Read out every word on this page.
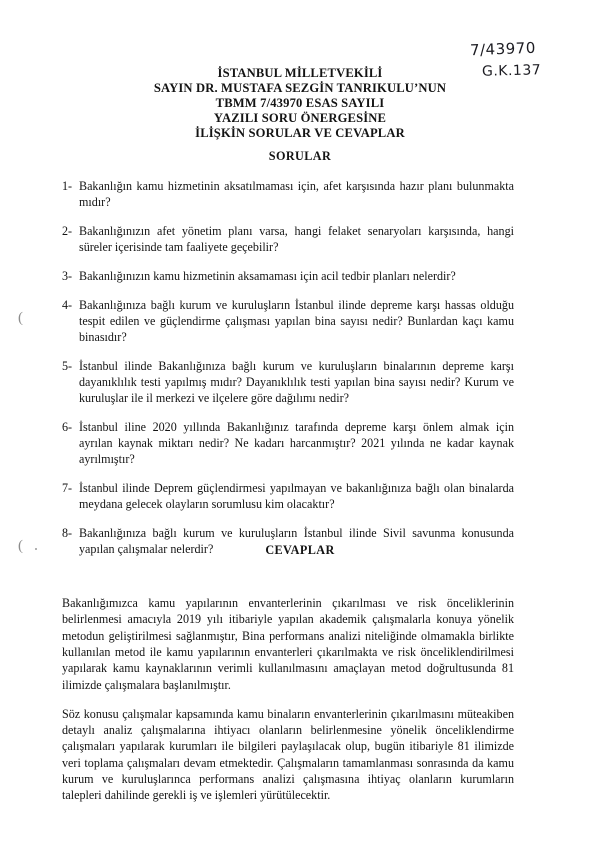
7/43970
G.K.137
(
(
İSTANBUL MİLLETVEKİLİ
SAYIN DR. MUSTAFA SEZGİN TANRIKULU’NUN
TBMM 7/43970 ESAS SAYILI
YAZILI SORU ÖNERGESİNE
İLİŞKİN SORULAR VE CEVAPLAR
SORULAR
1- Bakanlığın kamu hizmetinin aksatılmaması için, afet karşısında hazır planı bulunmakta mıdır?
2- Bakanlığınızın afet yönetim planı varsa, hangi felaket senaryoları karşısında, hangi süreler içerisinde tam faaliyete geçebilir?
3- Bakanlığınızın kamu hizmetinin aksamaması için acil tedbir planları nelerdir?
4- Bakanlığınıza bağlı kurum ve kuruluşların İstanbul ilinde depreme karşı hassas olduğu tespit edilen ve güçlendirme çalışması yapılan bina sayısı nedir? Bunlardan kaçı kamu binasıdır?
5- İstanbul ilinde Bakanlığınıza bağlı kurum ve kuruluşların binalarının depreme karşı dayanıklılık testi yapılmış mıdır? Dayanıklılık testi yapılan bina sayısı nedir? Kurum ve kuruluşlar ile il merkezi ve ilçelere göre dağılımı nedir?
6- İstanbul iline 2020 yıllında Bakanlığınız tarafında depreme karşı önlem almak için ayrılan kaynak miktarı nedir? Ne kadarı harcanmıştır? 2021 yılında ne kadar kaynak ayrılmıştır?
7- İstanbul ilinde Deprem güçlendirmesi yapılmayan ve bakanlığınıza bağlı olan binalarda meydana gelecek olayların sorumlusu kim olacaktır?
8- Bakanlığınıza bağlı kurum ve kuruluşların İstanbul ilinde Sivil savunma konusunda yapılan çalışmalar nelerdir?	CEVAPLAR

Bakanlığımızca kamu yapılarının envanterlerinin çıkarılması ve risk önceliklerinin belirlenmesi amacıyla 2019 yılı itibariyle yapılan akademik çalışmalarla konuya yönelik metodun geliştirilmesi sağlanmıştır, Bina performans analizi niteliğinde olmamakla birlikte kullanılan metod ile kamu yapılarının envanterleri çıkarılmakta ve risk önceliklendirilmesi yapılarak kamu kaynaklarının verimli kullanılmasını amaçlayan metod doğrultusunda 81 ilimizde çalışmalara başlanılmıştır.

Söz konusu çalışmalar kapsamında kamu binaların envanterlerinin çıkarılmasını müteakiben detaylı analiz çalışmalarına ihtiyacı olanların belirlenmesine yönelik önceliklendirme çalışmaları yapılarak kurumları ile bilgileri paylaşılacak olup, bugün itibariyle 81 ilimizde veri toplama çalışmaları devam etmektedir. Çalışmaların tamamlanması sonrasında da kamu kurum ve kuruluşlarınca performans analizi çalışmasına ihtiyaç olanların kurumların talepleri dahilinde gerekli iş ve işlemleri yürütülecektir.
